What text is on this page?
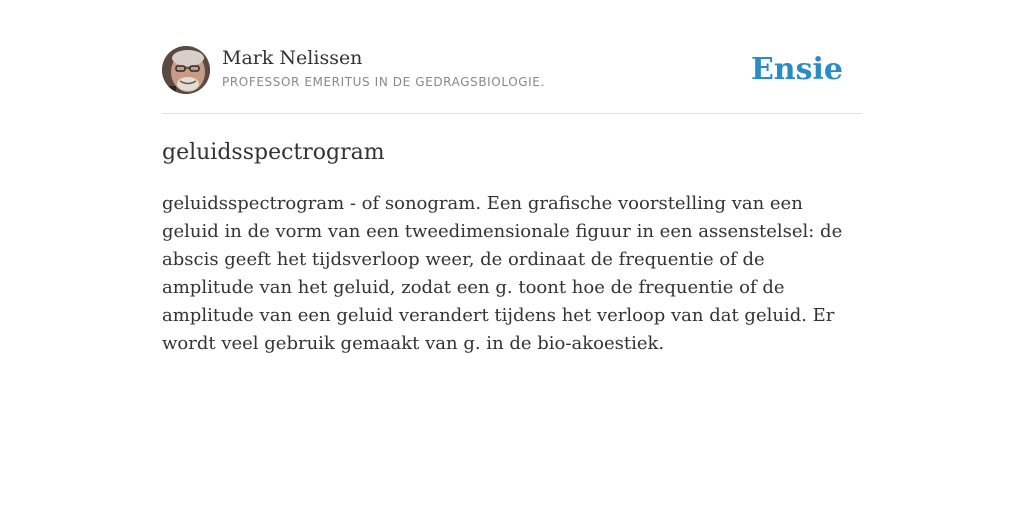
Mark Nelissen
PROFESSOR EMERITUS IN DE GEDRAGSBIOLOGIE.	Ensie
geluidsspectrogram

geluidsspectrogram - of sonogram. Een grafische voorstelling van een geluid in de vorm van een tweedimensionale figuur in een assenstelsel: de abscis geeft het tijdsverloop weer, de ordinaat de frequentie of de amplitude van het geluid, zodat een g. toont hoe de frequentie of de amplitude van een geluid verandert tijdens het verloop van dat geluid. Er wordt veel gebruik gemaakt van g. in de bio-akoestiek.
